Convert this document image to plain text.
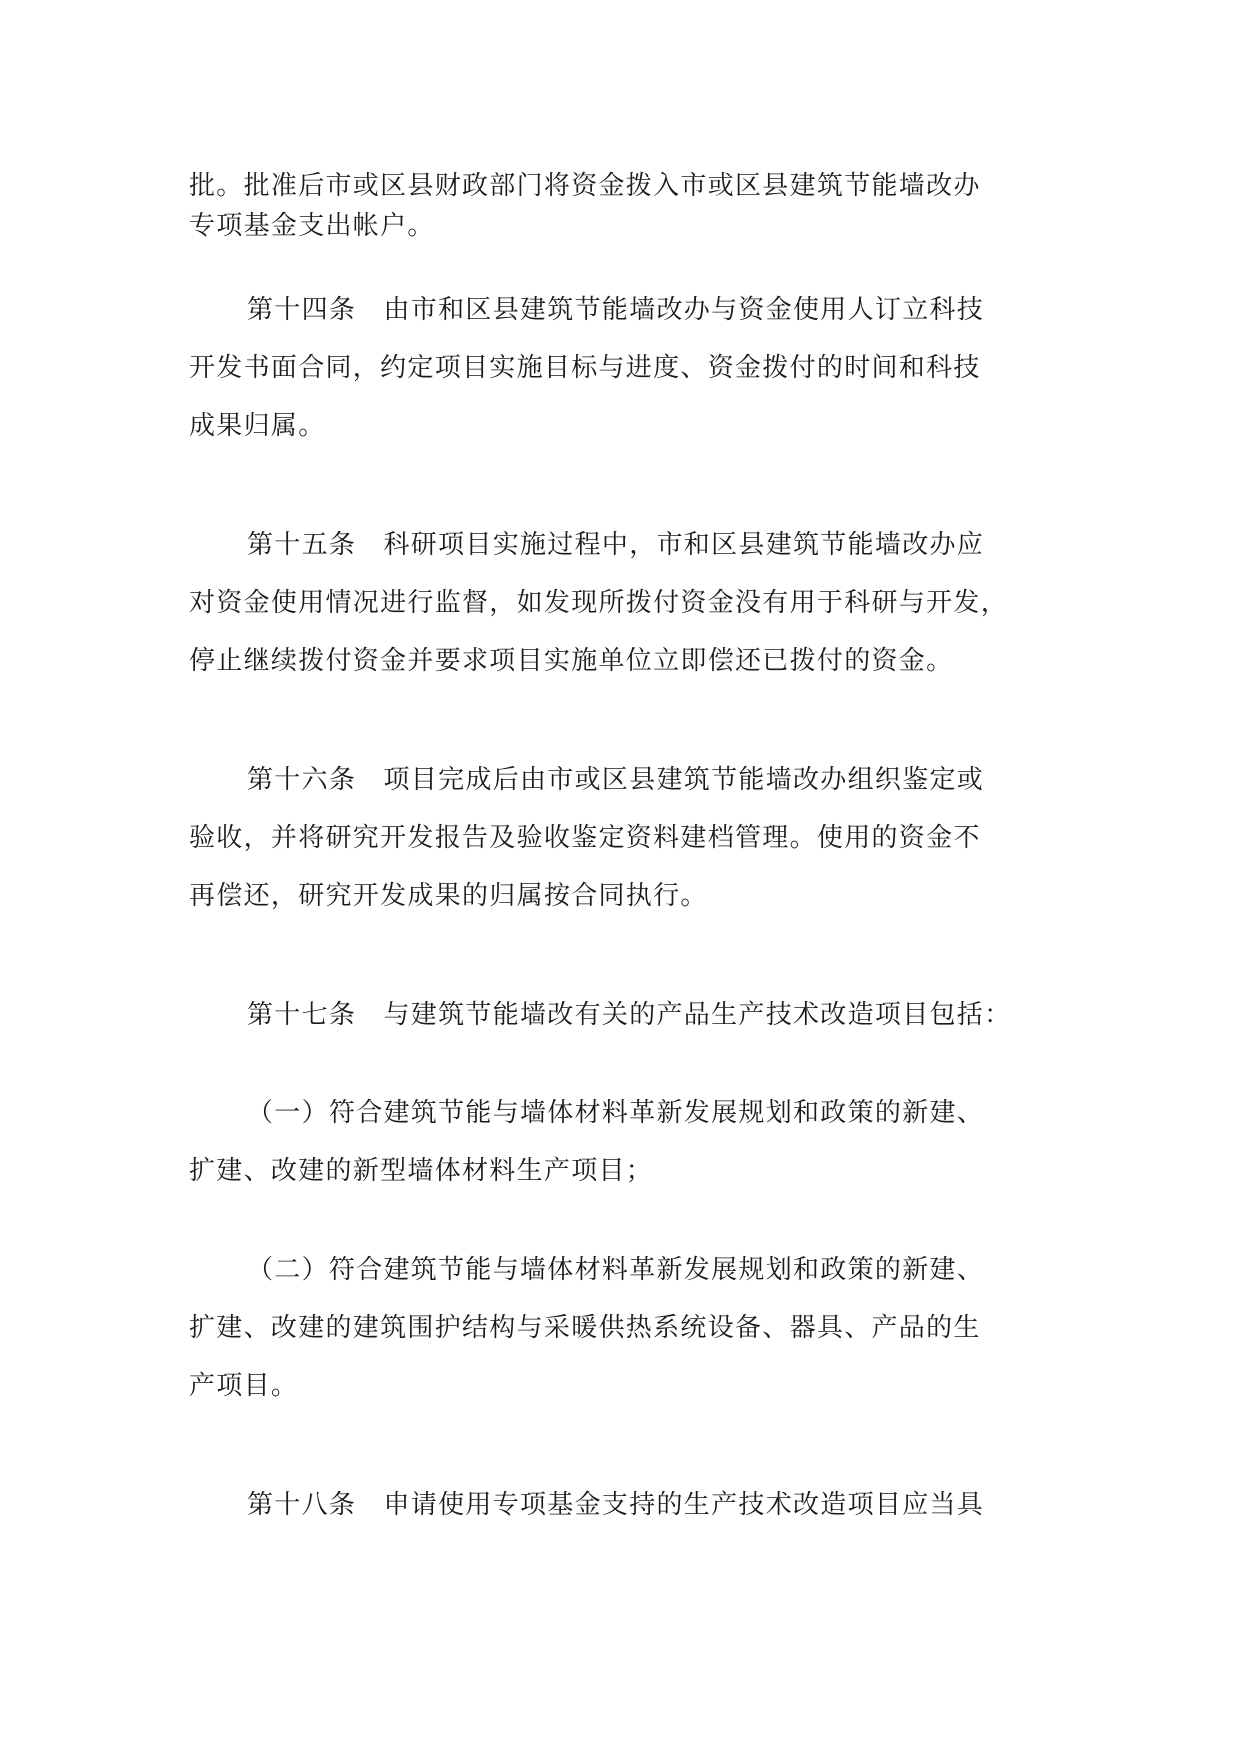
批。批准后市或区县财政部门将资金拨入市或区县建筑节能墙改办
专项基金支出帐户。
第十四条　由市和区县建筑节能墙改办与资金使用人订立科技
开发书面合同，约定项目实施目标与进度、资金拨付的时间和科技
成果归属。
第十五条　科研项目实施过程中，市和区县建筑节能墙改办应
对资金使用情况进行监督，如发现所拨付资金没有用于科研与开发，
停止继续拨付资金并要求项目实施单位立即偿还已拨付的资金。
第十六条　项目完成后由市或区县建筑节能墙改办组织鉴定或
验收，并将研究开发报告及验收鉴定资料建档管理。使用的资金不
再偿还，研究开发成果的归属按合同执行。
第十七条　与建筑节能墙改有关的产品生产技术改造项目包括：
（一）符合建筑节能与墙体材料革新发展规划和政策的新建、
扩建、改建的新型墙体材料生产项目；
（二）符合建筑节能与墙体材料革新发展规划和政策的新建、
扩建、改建的建筑围护结构与采暖供热系统设备、器具、产品的生
产项目。
第十八条　申请使用专项基金支持的生产技术改造项目应当具
